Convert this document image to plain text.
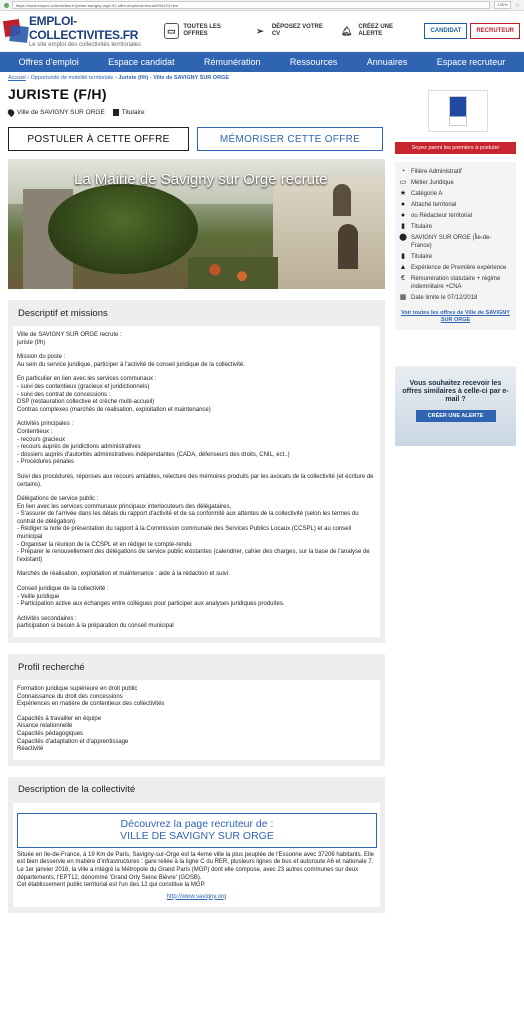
https://www.emploi-collectivites.fr/juriste-savigny-orge-91-offre-emploi-territorial/294424.htm	130%	☆
EMPLOI-COLLECTIVITES.FR
Le site emploi des collectivités territoriales
▭	TOUTES LES OFFRES	➢	DÉPOSEZ VOTRE CV	🔔︎	CRÉEZ UNE ALERTE	CANDIDAT	RECRUTEUR
Offres d'emploi	Espace candidat	Rémunération	Ressources	Annuaires	Espace recruteur
Accueil › Opportunité de mobilité territoriale › Juriste (f/h) - Ville de SAVIGNY SUR ORGE
JURISTE (F/H)
Ville de SAVIGNY SUR ORGE	Titulaire
POSTULER À CETTE OFFRE	MÉMORISER CETTE OFFRE
La Mairie de Savigny sur Orge recrute
Descriptif et missions

Ville de SAVIGNY SUR ORGE recrute :
juriste (f/h)

Mission du poste :
Au sein du service juridique, participer à l'activité de conseil juridique de la collectivité.

En particulier en lien avec les services communaux :
- suivi des contentieux (gracieux et juridictionnels)
- suivi des contrat de concessions :
DSP (restauration collective et crèche multi-accueil)
Contras complexes (marchés de réalisation, exploitation et maintenance)

Activités principales :
Contentieux :
- recours gracieux
- recours auprès de juridictions administratives
- dossiers auprès d'autorités administratives indépendantes (CADA, défenseurs des droits, CNIL, ect..)
- Procédures pénales

Suivi des procédures, réponses aux recours amiables, relecture des mémoires produits par les avocats de la collectivité (et écriture de certains).

Délégations de service public :
En lien avec les services communaux principaux interlocuteurs des délégataires,
- S'assurer de l'arrivée dans les délais du rapport d'activité et de sa conformité aux attentes de la collectivité (selon les termes du contrat de délégation)
- Rédiger la note de présentation du rapport à la Commission communale des Services Publics Locaux (CCSPL) et au conseil municipal
- Organiser la réunion de la CCSPL et en rédiger le compte-rendu
- Préparer le renouvellement des délégations de service public existantes (calendrier, cahier des charges, sur la base de l'analyse de l'existant)

Marchés de réalisation, exploitation et maintenance : aide à la rédaction et suivi.

Conseil juridique de la collectivité :
- Veille juridique
- Participation active aux échanges entre collègues pour participer aux analyses juridiques produites.

Activités secondaires :
participation si besoin à la préparation du conseil municipal

Profil recherché

Formation juridique supérieure en droit public
Connaissance du droit des concessions
Expériences en matière de contentieux des collectivités

Capacités à travailler en équipe
Aisance relationnelle
Capacités pédagogiques
Capacités d'adaptation et d'apprentissage
Réactivité

Description de la collectivité
Découvrez la page recruteur de :
VILLE DE SAVIGNY SUR ORGE

Située en Ile-de-France, à 19 Km de Paris, Savigny-sur-Orge est la 4eme ville la plus peuplée de l'Essonne avec 37206 habitants. Elle est bien desservie en matière d'infrastructures : gare reliée à la ligne C du RER, plusieurs lignes de bus et autoroute A6 et nationale 7.
Le 1er janvier 2016, la ville a intégré la Métropole du Grand Paris (MGP) dont elle compose, avec 23 autres communes sur deux départements, l'EPT12, dénommé 'Grand Orly Seine Bièvre' (GOSB).
Cet établissement public territorial est l'un des 12 qui constitue la MGP.

http://www.savigny.org
Soyez parmi les premiers à postuler
◔ Filière Administratif
▭ Métier Juridique
★ Catégorie A
● Attaché territorial
● ou Rédacteur territorial
▮	Titulaire
⬤ SAVIGNY SUR ORGE (Île-de-France)
▮	Titulaire
▲ Expérience de Première expérience
€	Rémunération statutaire + régime indemnitaire +CNA
▦ Date limite le 07/12/2018
Voir toutes les offres de Ville de SAVIGNY SUR ORGE
Vous souhaitez recevoir les offres similaires à celle-ci par e-mail ?
CRÉER UNE ALERTE
